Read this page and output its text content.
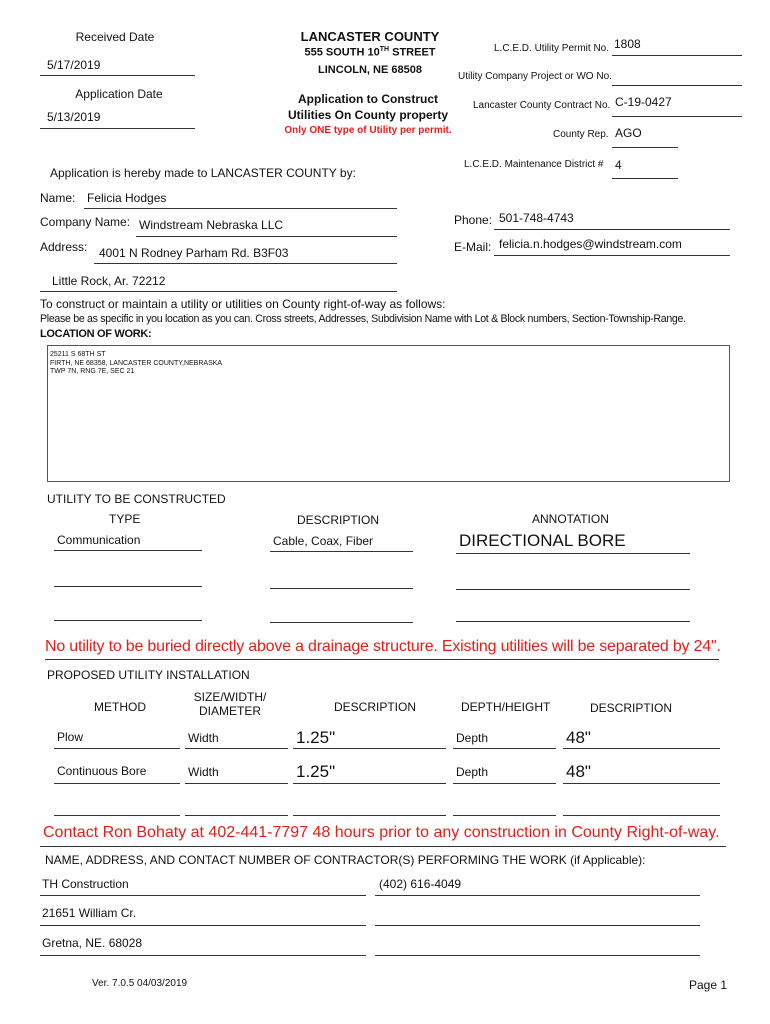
Received Date
5/17/2019
Application Date
5/13/2019
LANCASTER COUNTY
555 SOUTH 10TH STREET
LINCOLN, NE 68508
Application to Construct
Utilities On County property
Only ONE type of Utility per permit.
L.C.E.D. Utility Permit No. 1808
Utility Company Project or WO No.
Lancaster County Contract No. C-19-0427
County Rep. AGO
L.C.E.D. Maintenance District # 4
Application is hereby made to LANCASTER COUNTY by:
Name: Felicia Hodges
Company Name: Windstream Nebraska LLC
Address: 4001 N Rodney Parham Rd. B3F03
Little Rock, Ar. 72212
Phone: 501-748-4743
E-Mail: felicia.n.hodges@windstream.com
To construct or maintain a utility or utilities on County right-of-way as follows:
Please be as specific in you location as you can. Cross streets, Addresses, Subdivision Name with Lot & Block numbers, Section-Township-Range.
LOCATION OF WORK:
25211 S 68TH ST
FIRTH, NE 68358, LANCASTER COUNTY,NEBRASKA
TWP 7N, RNG 7E, SEC 21
UTILITY TO BE CONSTRUCTED
TYPE	DESCRIPTION	ANNOTATION
Communication	Cable, Coax, Fiber	DIRECTIONAL BORE
No utility to be buried directly above a drainage structure. Existing utilities will be separated by 24".
PROPOSED UTILITY INSTALLATION
METHOD
SIZE/WIDTH/
DIAMETER	DESCRIPTION	DEPTH/HEIGHT	DESCRIPTION
Plow	Width	1.25"	Depth	48"
Continuous Bore	Width	1.25"	Depth	48"
Contact Ron Bohaty at 402-441-7797 48 hours prior to any construction in County Right-of-way.
NAME, ADDRESS, AND CONTACT NUMBER OF CONTRACTOR(S) PERFORMING THE WORK (if Applicable):
TH Construction	(402) 616-4049
21651 William Cr.
Gretna, NE. 68028
Ver. 7.0.5 04/03/2019	Page 1
